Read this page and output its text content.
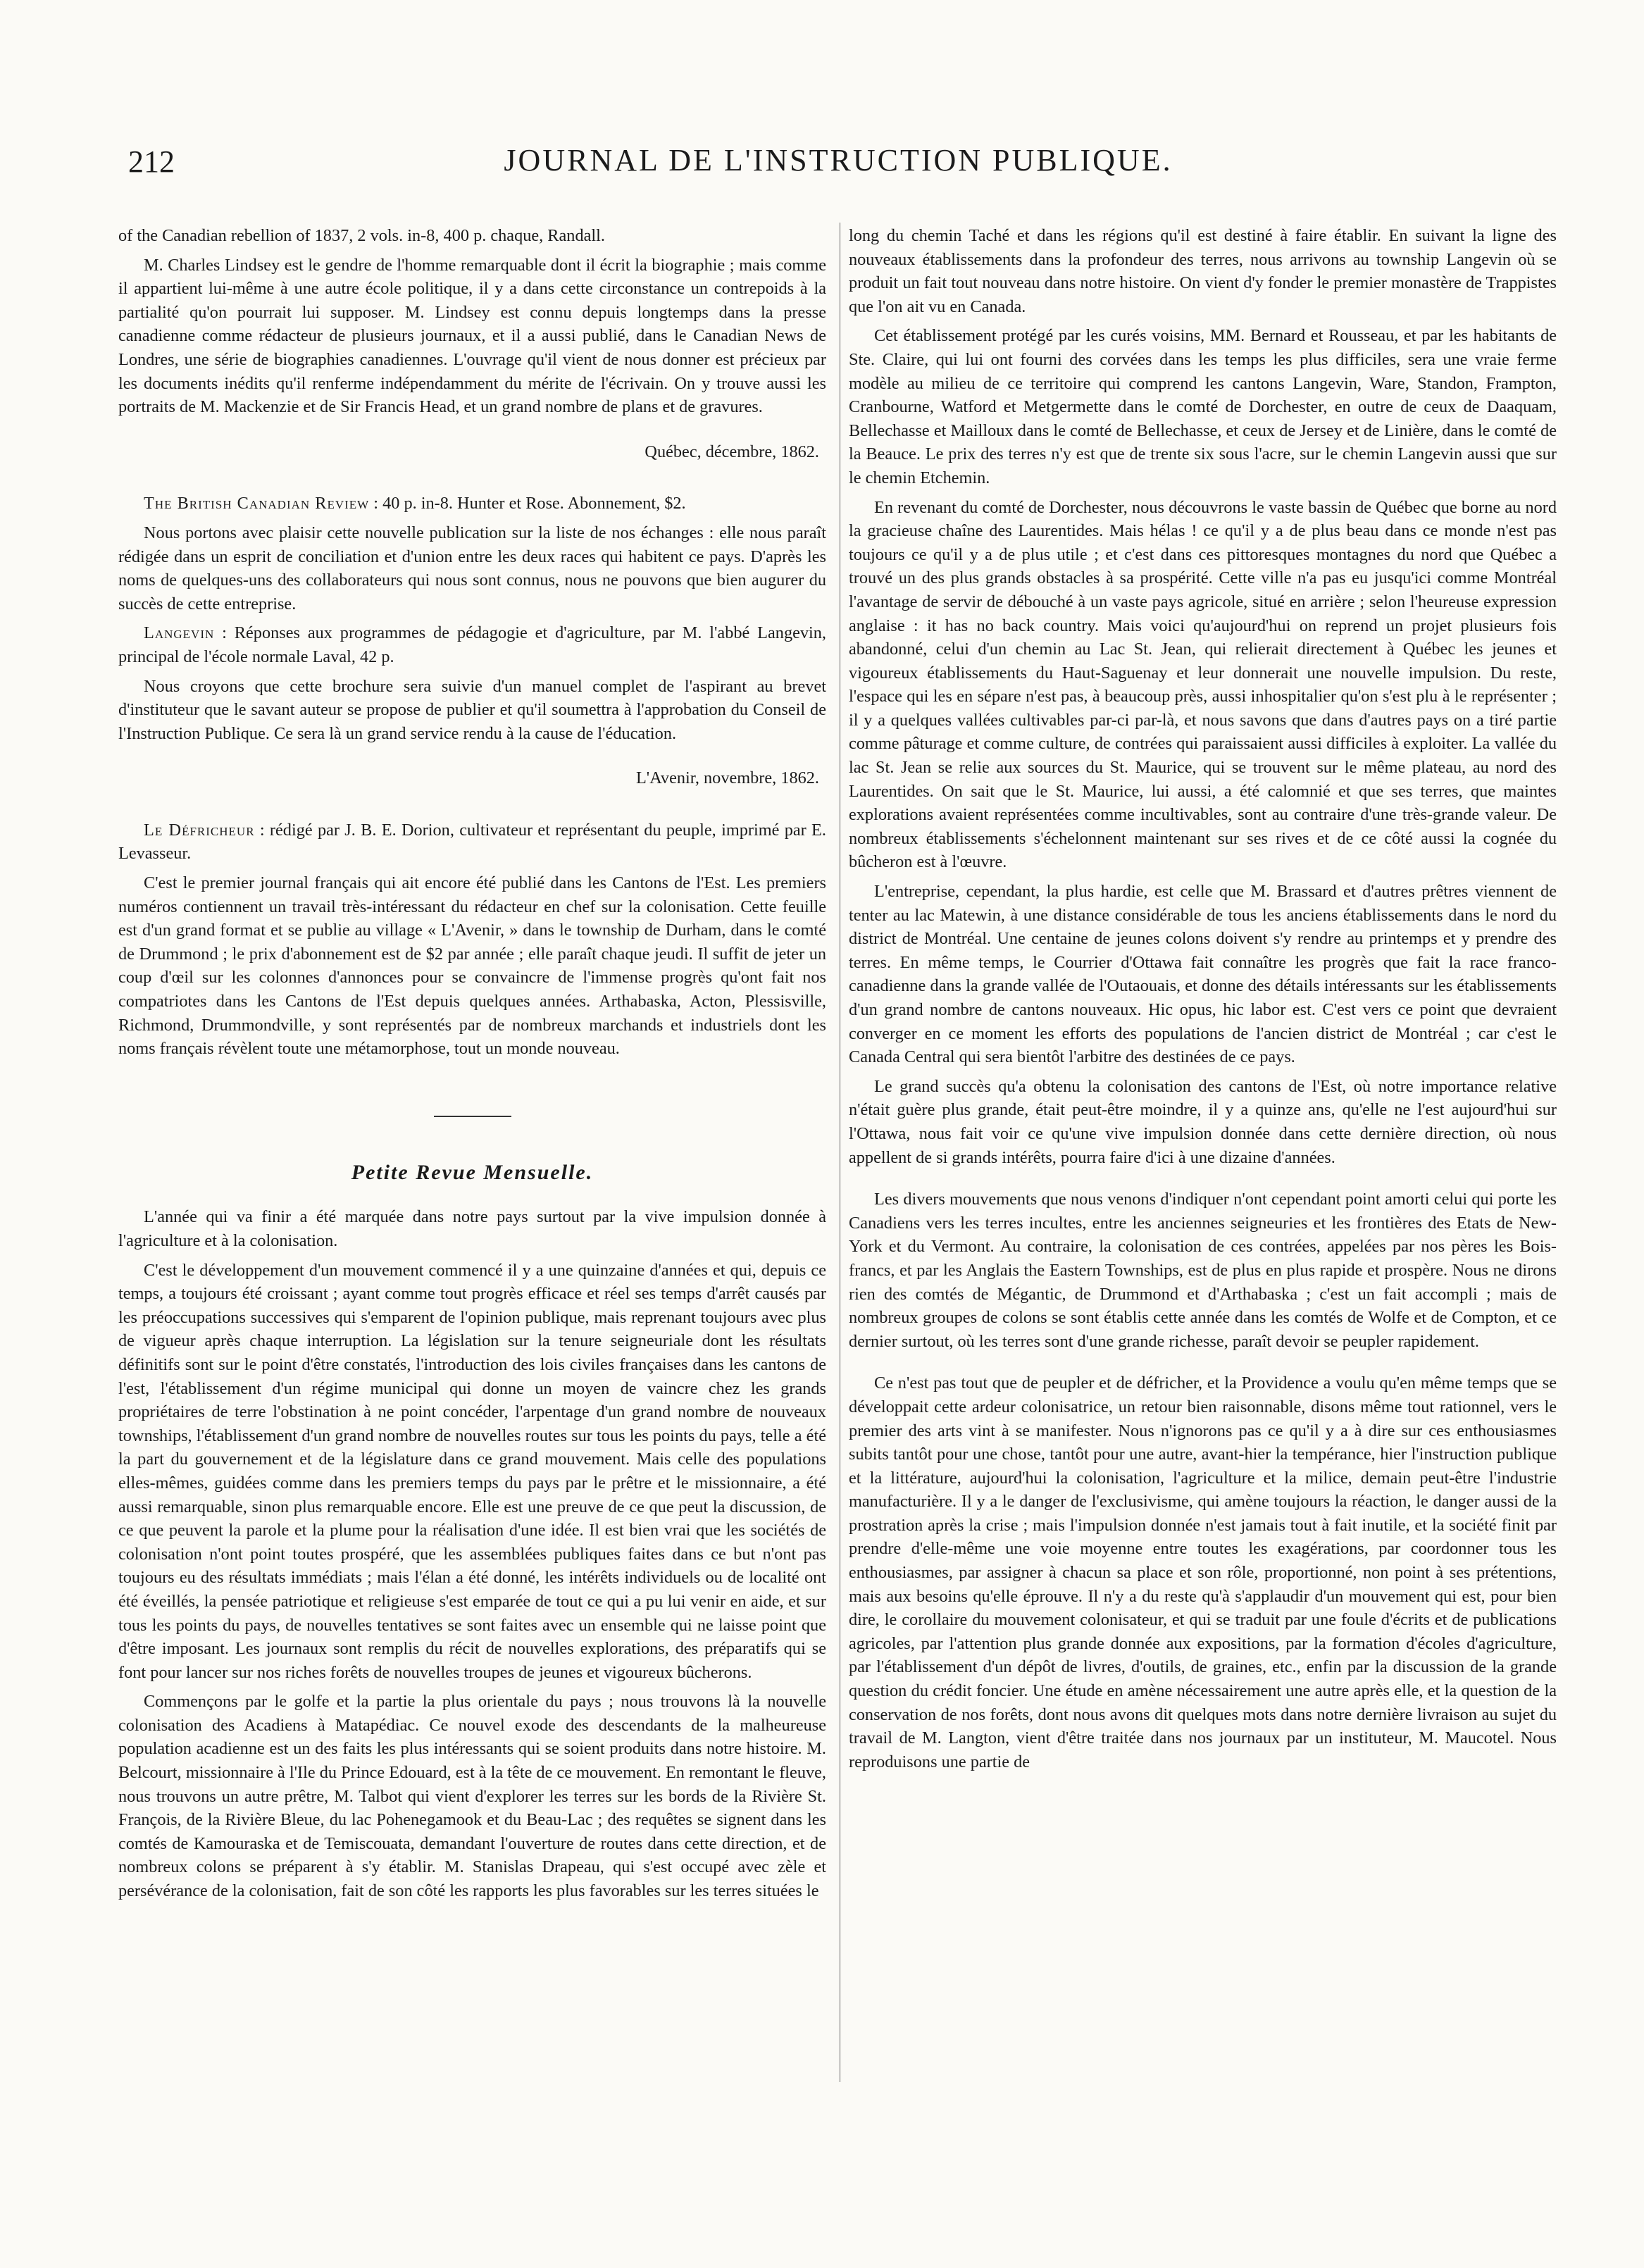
212	JOURNAL DE L'INSTRUCTION PUBLIQUE.

of the Canadian rebellion of 1837, 2 vols. in-8, 400 p. chaque, Randall.

M. Charles Lindsey est le gendre de l'homme remarquable dont il écrit la biographie ; mais comme il appartient lui-même à une autre école politique, il y a dans cette circonstance un contrepoids à la partialité qu'on pourrait lui supposer. M. Lindsey est connu depuis longtemps dans la presse canadienne comme rédacteur de plusieurs journaux, et il a aussi publié, dans le Canadian News de Londres, une série de biographies canadiennes. L'ouvrage qu'il vient de nous donner est précieux par les documents inédits qu'il renferme indépendamment du mérite de l'écrivain. On y trouve aussi les portraits de M. Mackenzie et de Sir Francis Head, et un grand nombre de plans et de gravures.

Québec, décembre, 1862.

The British Canadian Review : 40 p. in-8. Hunter et Rose. Abonnement, $2.

Nous portons avec plaisir cette nouvelle publication sur la liste de nos échanges : elle nous paraît rédigée dans un esprit de conciliation et d'union entre les deux races qui habitent ce pays. D'après les noms de quelques-uns des collaborateurs qui nous sont connus, nous ne pouvons que bien augurer du succès de cette entreprise.

Langevin : Réponses aux programmes de pédagogie et d'agriculture, par M. l'abbé Langevin, principal de l'école normale Laval, 42 p.

Nous croyons que cette brochure sera suivie d'un manuel complet de l'aspirant au brevet d'instituteur que le savant auteur se propose de publier et qu'il soumettra à l'approbation du Conseil de l'Instruction Publique. Ce sera là un grand service rendu à la cause de l'éducation.

L'Avenir, novembre, 1862.

Le Défricheur : rédigé par J. B. E. Dorion, cultivateur et représentant du peuple, imprimé par E. Levasseur.

C'est le premier journal français qui ait encore été publié dans les Cantons de l'Est. Les premiers numéros contiennent un travail très-intéressant du rédacteur en chef sur la colonisation. Cette feuille est d'un grand format et se publie au village « L'Avenir, » dans le township de Durham, dans le comté de Drummond ; le prix d'abonnement est de $2 par année ; elle paraît chaque jeudi. Il suffit de jeter un coup d'œil sur les colonnes d'annonces pour se convaincre de l'immense progrès qu'ont fait nos compatriotes dans les Cantons de l'Est depuis quelques années. Arthabaska, Acton, Plessisville, Richmond, Drummondville, y sont représentés par de nombreux marchands et industriels dont les noms français révèlent toute une métamorphose, tout un monde nouveau.

Petite Revue Mensuelle.

L'année qui va finir a été marquée dans notre pays surtout par la vive impulsion donnée à l'agriculture et à la colonisation.

C'est le développement d'un mouvement commencé il y a une quinzaine d'années et qui, depuis ce temps, a toujours été croissant ; ayant comme tout progrès efficace et réel ses temps d'arrêt causés par les préoccupations successives qui s'emparent de l'opinion publique, mais reprenant toujours avec plus de vigueur après chaque interruption. La législation sur la tenure seigneuriale dont les résultats définitifs sont sur le point d'être constatés, l'introduction des lois civiles françaises dans les cantons de l'est, l'établissement d'un régime municipal qui donne un moyen de vaincre chez les grands propriétaires de terre l'obstination à ne point concéder, l'arpentage d'un grand nombre de nouveaux townships, l'établissement d'un grand nombre de nouvelles routes sur tous les points du pays, telle a été la part du gouvernement et de la législature dans ce grand mouvement. Mais celle des populations elles-mêmes, guidées comme dans les premiers temps du pays par le prêtre et le missionnaire, a été aussi remarquable, sinon plus remarquable encore. Elle est une preuve de ce que peut la discussion, de ce que peuvent la parole et la plume pour la réalisation d'une idée. Il est bien vrai que les sociétés de colonisation n'ont point toutes prospéré, que les assemblées publiques faites dans ce but n'ont pas toujours eu des résultats immédiats ; mais l'élan a été donné, les intérêts individuels ou de localité ont été éveillés, la pensée patriotique et religieuse s'est emparée de tout ce qui a pu lui venir en aide, et sur tous les points du pays, de nouvelles tentatives se sont faites avec un ensemble qui ne laisse point que d'être imposant. Les journaux sont remplis du récit de nouvelles explorations, des préparatifs qui se font pour lancer sur nos riches forêts de nouvelles troupes de jeunes et vigoureux bûcherons.

Commençons par le golfe et la partie la plus orientale du pays ; nous trouvons là la nouvelle colonisation des Acadiens à Matapédiac. Ce nouvel exode des descendants de la malheureuse population acadienne est un des faits les plus intéressants qui se soient produits dans notre histoire. M. Belcourt, missionnaire à l'Ile du Prince Edouard, est à la tête de ce mouvement. En remontant le fleuve, nous trouvons un autre prêtre, M. Talbot qui vient d'explorer les terres sur les bords de la Rivière St. François, de la Rivière Bleue, du lac Pohenegamook et du Beau-Lac ; des requêtes se signent dans les comtés de Kamouraska et de Temiscouata, demandant l'ouverture de routes dans cette direction, et de nombreux colons se préparent à s'y établir. M. Stanislas Drapeau, qui s'est occupé avec zèle et persévérance de la colonisation, fait de son côté les rapports les plus favorables sur les terres situées le

long du chemin Taché et dans les régions qu'il est destiné à faire établir. En suivant la ligne des nouveaux établissements dans la profondeur des terres, nous arrivons au township Langevin où se produit un fait tout nouveau dans notre histoire. On vient d'y fonder le premier monastère de Trappistes que l'on ait vu en Canada.

Cet établissement protégé par les curés voisins, MM. Bernard et Rousseau, et par les habitants de Ste. Claire, qui lui ont fourni des corvées dans les temps les plus difficiles, sera une vraie ferme modèle au milieu de ce territoire qui comprend les cantons Langevin, Ware, Standon, Frampton, Cranbourne, Watford et Metgermette dans le comté de Dorchester, en outre de ceux de Daaquam, Bellechasse et Mailloux dans le comté de Bellechasse, et ceux de Jersey et de Linière, dans le comté de la Beauce. Le prix des terres n'y est que de trente six sous l'acre, sur le chemin Langevin aussi que sur le chemin Etchemin.

En revenant du comté de Dorchester, nous découvrons le vaste bassin de Québec que borne au nord la gracieuse chaîne des Laurentides. Mais hélas ! ce qu'il y a de plus beau dans ce monde n'est pas toujours ce qu'il y a de plus utile ; et c'est dans ces pittoresques montagnes du nord que Québec a trouvé un des plus grands obstacles à sa prospérité. Cette ville n'a pas eu jusqu'ici comme Montréal l'avantage de servir de débouché à un vaste pays agricole, situé en arrière ; selon l'heureuse expression anglaise : it has no back country. Mais voici qu'aujourd'hui on reprend un projet plusieurs fois abandonné, celui d'un chemin au Lac St. Jean, qui relierait directement à Québec les jeunes et vigoureux établissements du Haut-Saguenay et leur donnerait une nouvelle impulsion. Du reste, l'espace qui les en sépare n'est pas, à beaucoup près, aussi inhospitalier qu'on s'est plu à le représenter ; il y a quelques vallées cultivables par-ci par-là, et nous savons que dans d'autres pays on a tiré partie comme pâturage et comme culture, de contrées qui paraissaient aussi difficiles à exploiter. La vallée du lac St. Jean se relie aux sources du St. Maurice, qui se trouvent sur le même plateau, au nord des Laurentides. On sait que le St. Maurice, lui aussi, a été calomnié et que ses terres, que maintes explorations avaient représentées comme incultivables, sont au contraire d'une très-grande valeur. De nombreux établissements s'échelonnent maintenant sur ses rives et de ce côté aussi la cognée du bûcheron est à l'œuvre.

L'entreprise, cependant, la plus hardie, est celle que M. Brassard et d'autres prêtres viennent de tenter au lac Matewin, à une distance considérable de tous les anciens établissements dans le nord du district de Montréal. Une centaine de jeunes colons doivent s'y rendre au printemps et y prendre des terres. En même temps, le Courrier d'Ottawa fait connaître les progrès que fait la race franco-canadienne dans la grande vallée de l'Outaouais, et donne des détails intéressants sur les établissements d'un grand nombre de cantons nouveaux. Hic opus, hic labor est. C'est vers ce point que devraient converger en ce moment les efforts des populations de l'ancien district de Montréal ; car c'est le Canada Central qui sera bientôt l'arbitre des destinées de ce pays.

Le grand succès qu'a obtenu la colonisation des cantons de l'Est, où notre importance relative n'était guère plus grande, était peut-être moindre, il y a quinze ans, qu'elle ne l'est aujourd'hui sur l'Ottawa, nous fait voir ce qu'une vive impulsion donnée dans cette dernière direction, où nous appellent de si grands intérêts, pourra faire d'ici à une dizaine d'années.

Les divers mouvements que nous venons d'indiquer n'ont cependant point amorti celui qui porte les Canadiens vers les terres incultes, entre les anciennes seigneuries et les frontières des Etats de New-York et du Vermont. Au contraire, la colonisation de ces contrées, appelées par nos pères les Bois-francs, et par les Anglais the Eastern Townships, est de plus en plus rapide et prospère. Nous ne dirons rien des comtés de Mégantic, de Drummond et d'Arthabaska ; c'est un fait accompli ; mais de nombreux groupes de colons se sont établis cette année dans les comtés de Wolfe et de Compton, et ce dernier surtout, où les terres sont d'une grande richesse, paraît devoir se peupler rapidement.

Ce n'est pas tout que de peupler et de défricher, et la Providence a voulu qu'en même temps que se développait cette ardeur colonisatrice, un retour bien raisonnable, disons même tout rationnel, vers le premier des arts vint à se manifester. Nous n'ignorons pas ce qu'il y a à dire sur ces enthousiasmes subits tantôt pour une chose, tantôt pour une autre, avant-hier la tempérance, hier l'instruction publique et la littérature, aujourd'hui la colonisation, l'agriculture et la milice, demain peut-être l'industrie manufacturière. Il y a le danger de l'exclusivisme, qui amène toujours la réaction, le danger aussi de la prostration après la crise ; mais l'impulsion donnée n'est jamais tout à fait inutile, et la société finit par prendre d'elle-même une voie moyenne entre toutes les exagérations, par coordonner tous les enthousiasmes, par assigner à chacun sa place et son rôle, proportionné, non point à ses prétentions, mais aux besoins qu'elle éprouve. Il n'y a du reste qu'à s'applaudir d'un mouvement qui est, pour bien dire, le corollaire du mouvement colonisateur, et qui se traduit par une foule d'écrits et de publications agricoles, par l'attention plus grande donnée aux expositions, par la formation d'écoles d'agriculture, par l'établissement d'un dépôt de livres, d'outils, de graines, etc., enfin par la discussion de la grande question du crédit foncier. Une étude en amène nécessairement une autre après elle, et la question de la conservation de nos forêts, dont nous avons dit quelques mots dans notre dernière livraison au sujet du travail de M. Langton, vient d'être traitée dans nos journaux par un instituteur, M. Maucotel. Nous reproduisons une partie de
